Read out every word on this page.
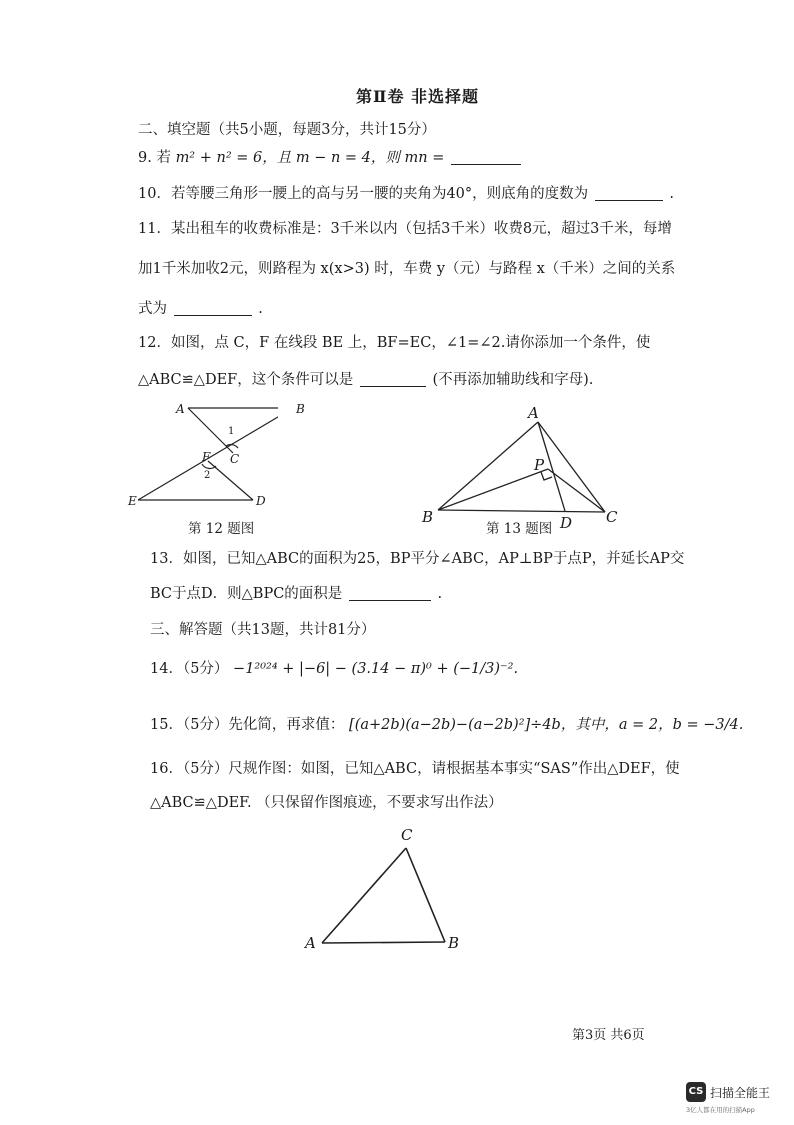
第Ⅱ卷 非选择题
二、填空题（共5小题，每题3分，共计15分）
9. 若 m² + n² = 6，且 m − n = 4，则 mn =
10．若等腰三角形一腰上的高与另一腰的夹角为40°，则底角的度数为	.
11．某出租车的收费标准是：3千米以内（包括3千米）收费8元，超过3千米，每增
加1千米加收2元，则路程为 x(x>3) 时，车费 y（元）与路程 x（千米）之间的关系
式为	.
12．如图，点 C，F 在线段 BE 上，BF=EC，∠1=∠2.请你添加一个条件，使
△ABC≌△DEF，这个条件可以是	(不再添加辅助线和字母).
A	B
1
C
F
2
E	D
第 12 题图
A
P
B	D C
第 13 题图
13．如图，已知△ABC的面积为25，BP平分∠ABC，AP⊥BP于点P，并延长AP交
BC于点D．则△BPC的面积是	.
三、解答题（共13题，共计81分）
14．（5分） −1²⁰²⁴ + |−6| − (3.14 − π)⁰ + (−1/3)⁻².
15．（5分）先化简，再求值： [(a+2b)(a−2b)−(a−2b)²]÷4b，其中，a = 2，b = −3/4.
16．（5分）尺规作图：如图，已知△ABC，请根据基本事实“SAS”作出△DEF，使
△ABC≌△DEF. （只保留作图痕迹，不要求写出作法）
C
A	B
第3页 共6页
CS 扫描全能王
3亿人都在用的扫描App
